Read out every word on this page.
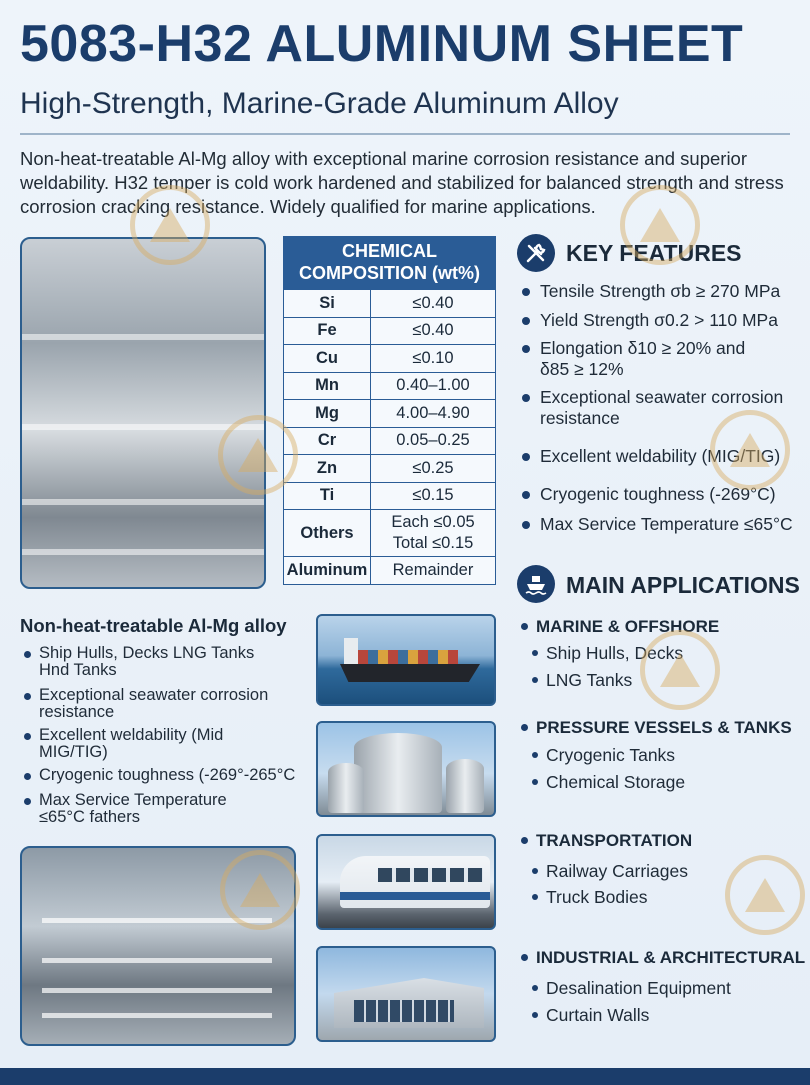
5083-H32 ALUMINUM SHEET
High-Strength, Marine-Grade Aluminum Alloy
Non-heat-treatable Al-Mg alloy with exceptional marine corrosion resistance and superior weldability. H32 temper is cold work hardened and stabilized for balanced strength and stress corrosion cracking resistance. Widely qualified for marine applications.
CHEMICAL
COMPOSITION (wt%)
Si	≤0.40
Fe	≤0.40
Cu	≤0.10
Mn	0.40–1.00
Mg	4.00–4.90
Cr	0.05–0.25
Zn	≤0.25
Ti	≤0.15
Others	Each ≤0.05
Total ≤0.15

Aluminum	Remainder
KEY FEATURES
Tensile Strength σb ≥ 270 MPa
Yield Strength σ0.2 > 110 MPa
Elongation δ10 ≥ 20% and δ85 ≥ 12%
Exceptional seawater corrosion resistance
Excellent weldability (MIG/TIG)
Cryogenic toughness (-269°C)
Max Service Temperature ≤65°C
MAIN APPLICATIONS
MARINE & OFFSHORE
Ship Hulls, Decks
LNG Tanks
PRESSURE VESSELS & TANKS
Cryogenic Tanks
Chemical Storage
TRANSPORTATION
Railway Carriages
Truck Bodies
INDUSTRIAL & ARCHITECTURAL
Desalination Equipment
Curtain Walls
Non-heat-treatable Al-Mg alloy
Ship Hulls, Decks LNG Tanks Hnd Tanks
Exceptional seawater corrosion resistance
Excellent weldability (Mid MIG/TIG)
Cryogenic toughness (-269°-265°C
Max Service Temperature ≤65°C fathers
